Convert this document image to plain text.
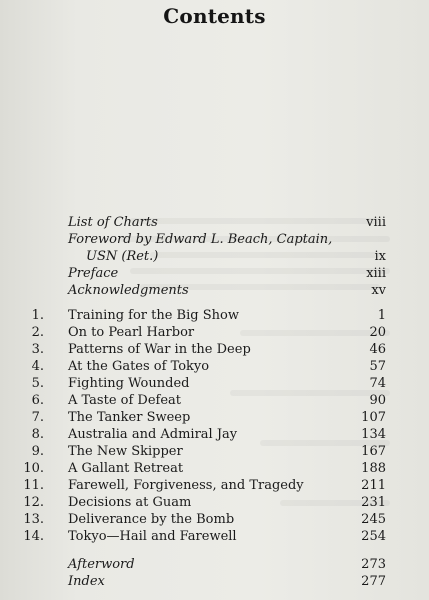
Contents
List of Charts	viii
Foreword by Edward L. Beach, Captain,
USN (Ret.)	ix
Preface	xiii
Acknowledgments	xv
1. Training for the Big Show	1
2. On to Pearl Harbor	20
3. Patterns of War in the Deep	46
4. At the Gates of Tokyo	57
5. Fighting Wounded	74
6. A Taste of Defeat	90
7. The Tanker Sweep	107
8. Australia and Admiral Jay	134
9. The New Skipper	167
10. A Gallant Retreat	188
11. Farewell, Forgiveness, and Tragedy	211
12. Decisions at Guam	231
13. Deliverance by the Bomb	245
14. Tokyo—Hail and Farewell	254
Afterword	273
Index	277
